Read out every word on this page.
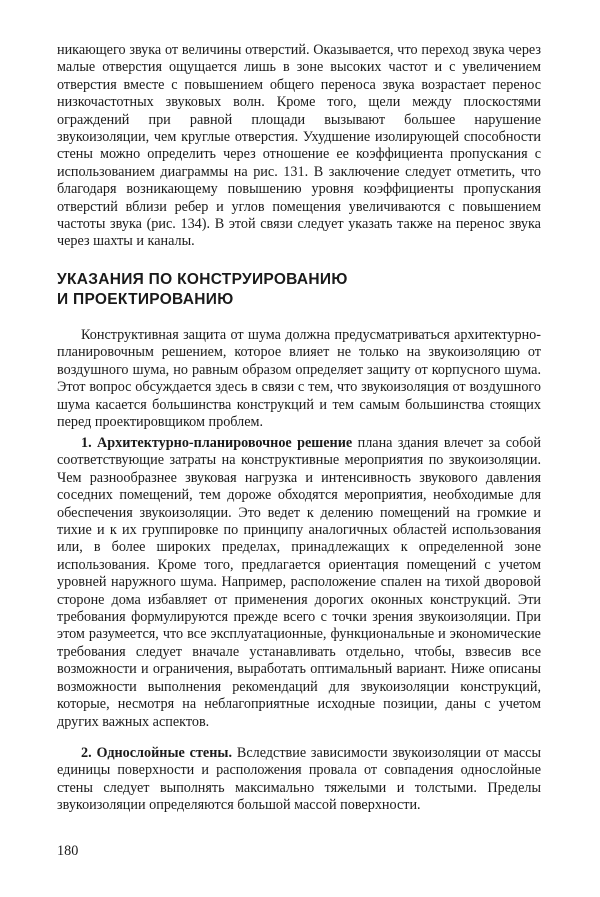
никающего звука от величины отверстий. Оказывается, что переход звука через малые отверстия ощущается лишь в зоне высоких частот и с увеличением отверстия вместе с повышением общего переноса звука возрастает перенос низкочастотных звуковых волн. Кроме того, щели между плоскостями ограждений при равной площади вызывают большее нарушение звукоизоляции, чем круглые отверстия. Ухудшение изолирующей способности стены можно определить через отношение ее коэффициента пропускания с использованием диаграммы на рис. 131. В заключение следует отметить, что благодаря возникающему повышению уровня коэффициенты пропускания отверстий вблизи ребер и углов помещения увеличиваются с повышением частоты звука (рис. 134). В этой связи следует указать также на перенос звука через шахты и каналы.

УКАЗАНИЯ ПО КОНСТРУИРОВАНИЮ
И ПРОЕКТИРОВАНИЮ

Конструктивная защита от шума должна предусматриваться архитектурно-планировочным решением, которое влияет не только на звукоизоляцию от воздушного шума, но равным образом определяет защиту от корпусного шума. Этот вопрос обсуждается здесь в связи с тем, что звукоизоляция от воздушного шума касается большинства конструкций и тем самым большинства стоящих перед проектировщиком проблем.

1. Архитектурно-планировочное решение плана здания влечет за собой соответствующие затраты на конструктивные мероприятия по звукоизоляции. Чем разнообразнее звуковая нагрузка и интенсивность звукового давления соседних помещений, тем дороже обходятся мероприятия, необходимые для обеспечения звукоизоляции. Это ведет к делению помещений на громкие и тихие и к их группировке по принципу аналогичных областей использования или, в более широких пределах, принадлежащих к определенной зоне использования. Кроме того, предлагается ориентация помещений с учетом уровней наружного шума. Например, расположение спален на тихой дворовой стороне дома избавляет от применения дорогих оконных конструкций. Эти требования формулируются прежде всего с точки зрения звукоизоляции. При этом разумеется, что все эксплуатационные, функциональные и экономические требования следует вначале устанавливать отдельно, чтобы, взвесив все возможности и ограничения, выработать оптимальный вариант. Ниже описаны возможности выполнения рекомендаций для звукоизоляции конструкций, которые, несмотря на неблагоприятные исходные позиции, даны с учетом других важных аспектов.

2. Однослойные стены. Вследствие зависимости звукоизоляции от массы единицы поверхности и расположения провала от совпадения однослойные стены следует выполнять максимально тяжелыми и толстыми. Пределы звукоизоляции определяются большой массой поверхности.

180
